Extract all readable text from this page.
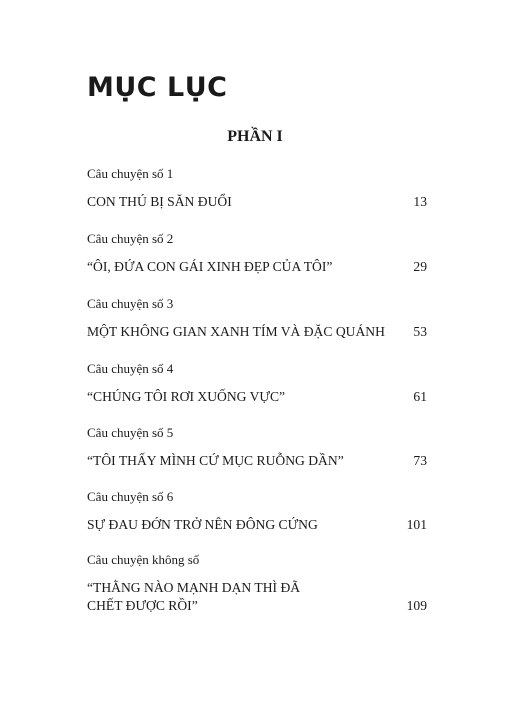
MỤC LỤC
PHẦN I
Câu chuyện số 1
CON THÚ BỊ SĂN ĐUỔI	13
Câu chuyện số 2
“ÔI, ĐỨA CON GÁI XINH ĐẸP CỦA TÔI”	29
Câu chuyện số 3
MỘT KHÔNG GIAN XANH TÍM VÀ ĐẶC QUÁNH 53
Câu chuyện số 4
“CHÚNG TÔI RƠI XUỐNG VỰC”	61
Câu chuyện số 5
“TÔI THẤY MÌNH CỨ MỤC RUỖNG DẦN”	73
Câu chuyện số 6
SỰ ĐAU ĐỚN TRỞ NÊN ĐÔNG CỨNG	101
Câu chuyện không số
“THẰNG NÀO MẠNH DẠN THÌ ĐÃ
CHẾT ĐƯỢC RỒI”	109
